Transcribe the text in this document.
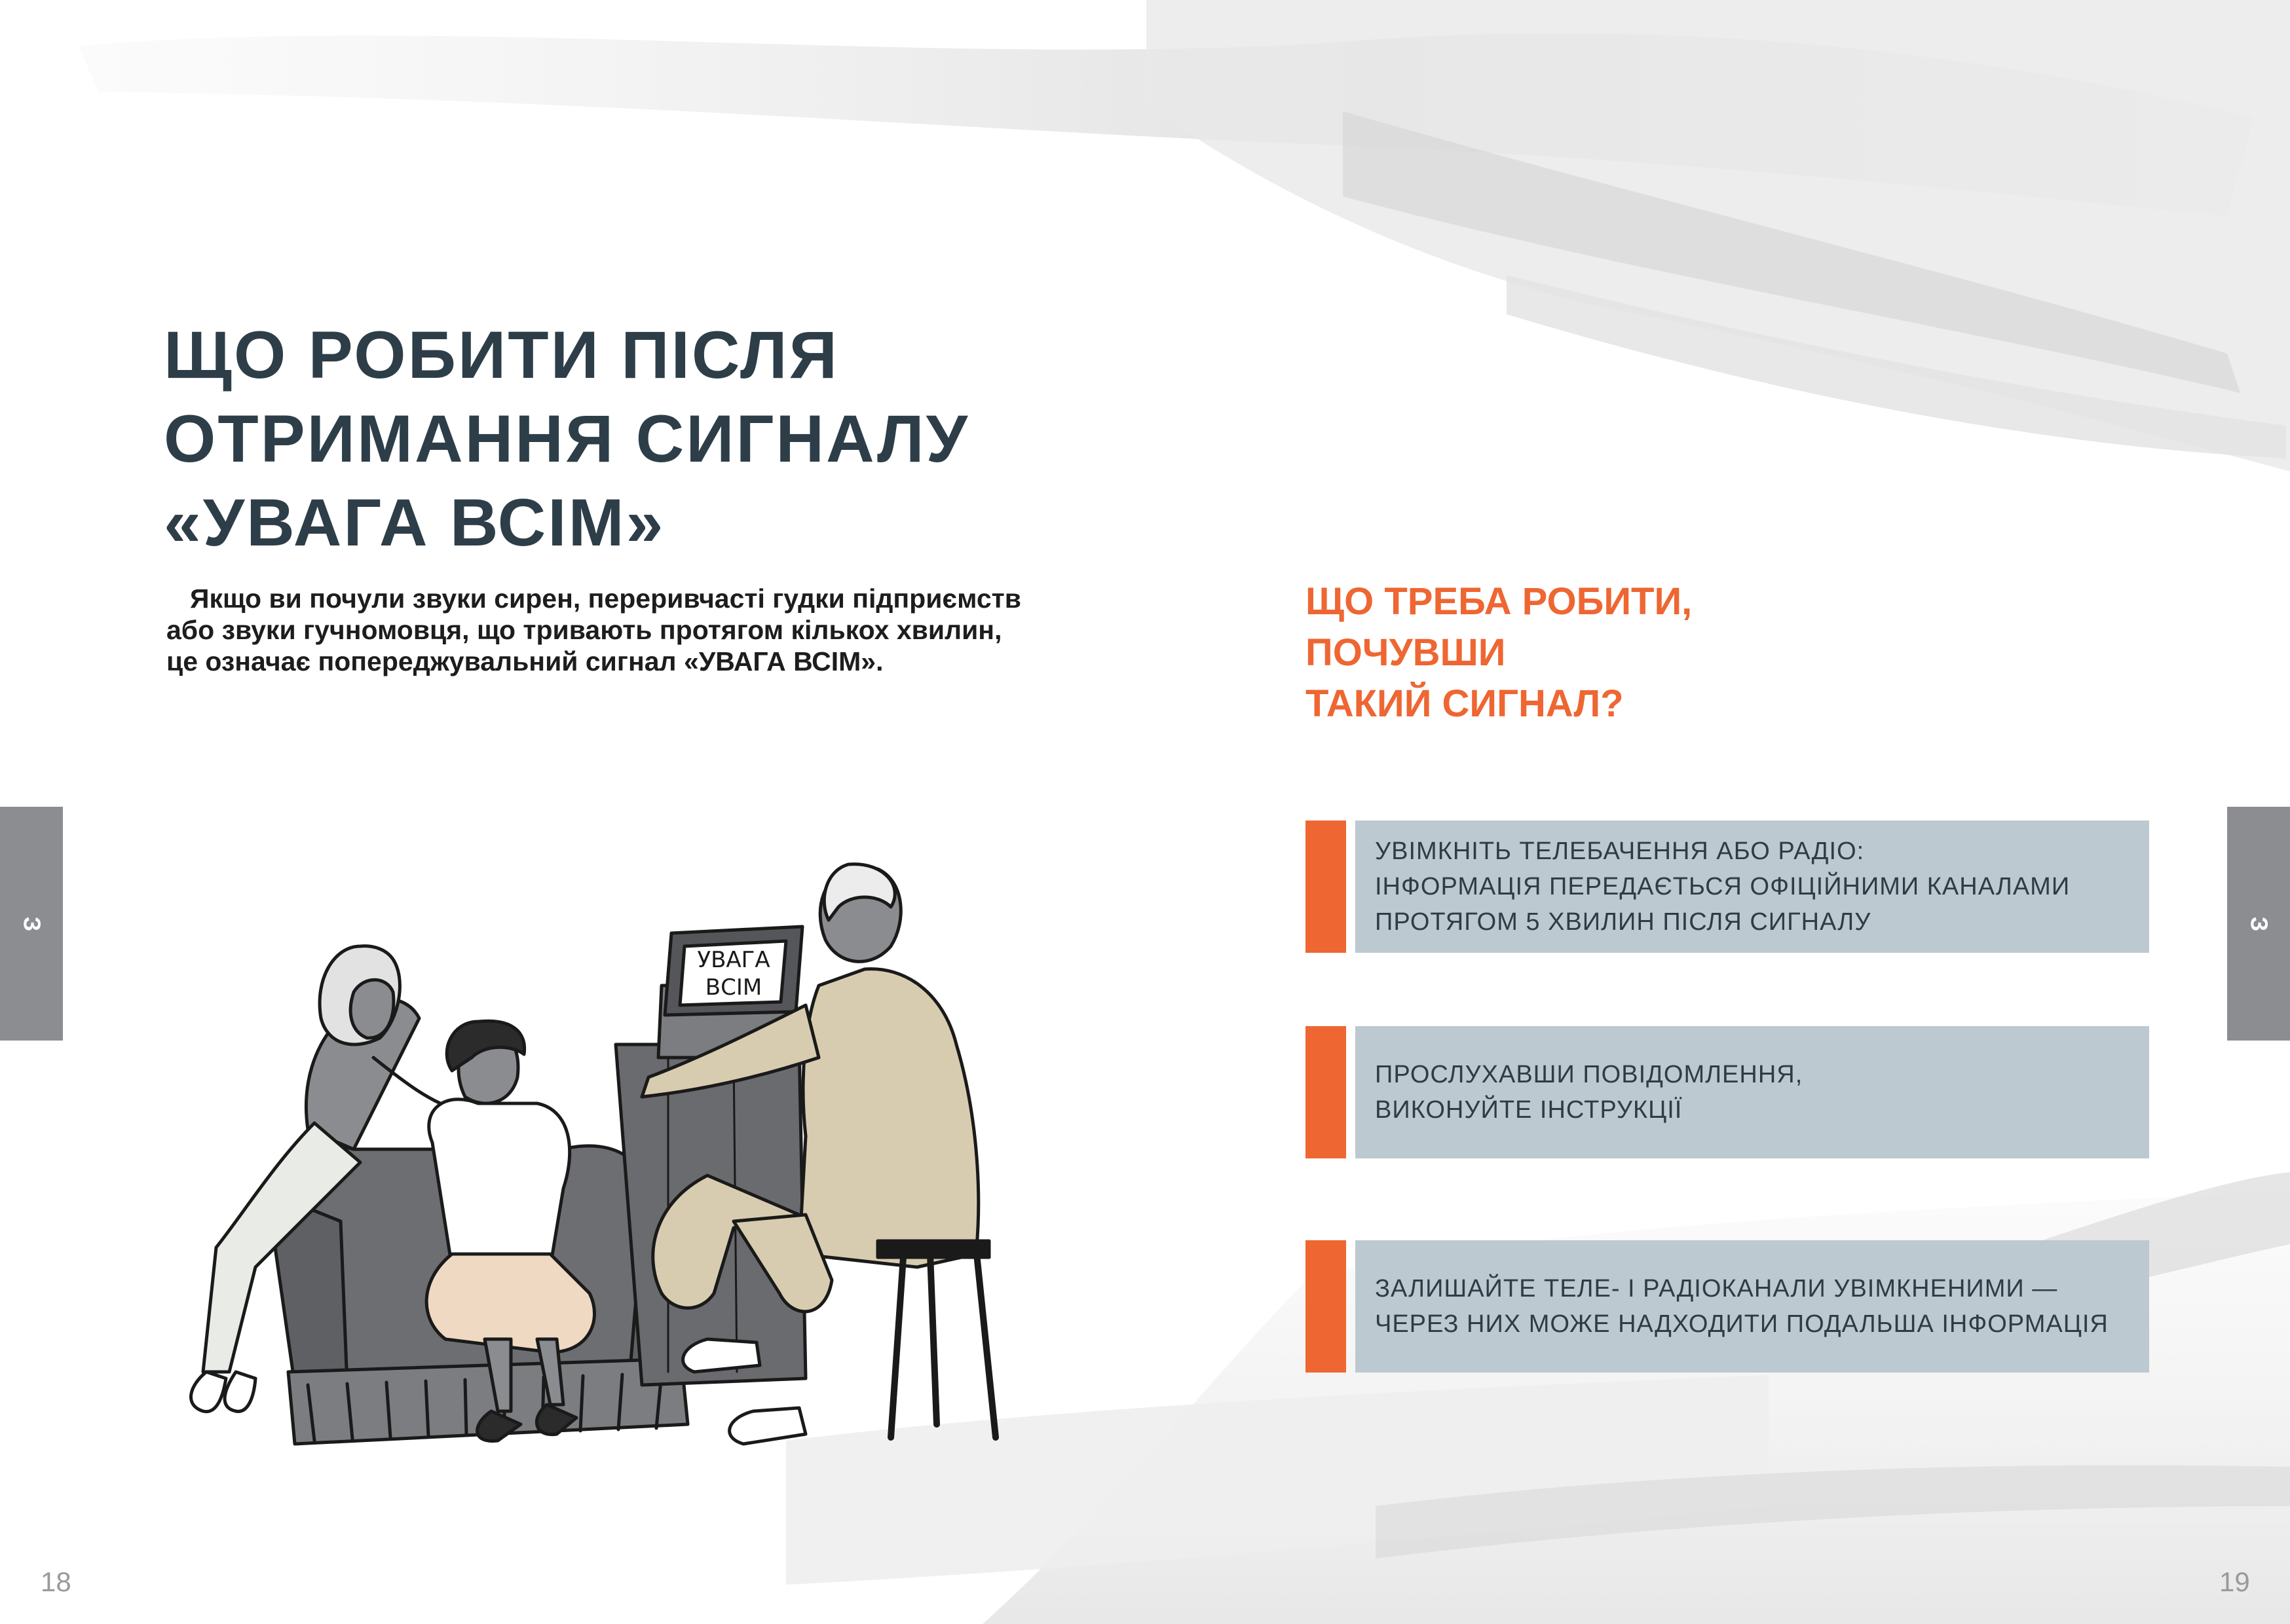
ЩО РОБИТИ ПІСЛЯ
ОТРИМАННЯ СИГНАЛУ
«УВАГА ВСІМ»

Якщо ви почули звуки сирен, переривчасті гудки підприємств
або звуки гучномовця, що тривають протягом кількох хвилин,
це означає попереджувальний сигнал «УВАГА ВСІМ».

УВАГА
ВСІМ
ЩО ТРЕБА РОБИТИ,
ПОЧУВШИ
ТАКИЙ СИГНАЛ?
УВІМКНІТЬ ТЕЛЕБАЧЕННЯ АБО РАДІО:
ІНФОРМАЦІЯ ПЕРЕДАЄТЬСЯ ОФІЦІЙНИМИ КАНАЛАМИ
ПРОТЯГОМ 5 ХВИЛИН ПІСЛЯ СИГНАЛУ
ПРОСЛУХАВШИ ПОВІДОМЛЕННЯ,
ВИКОНУЙТЕ ІНСТРУКЦІЇ
ЗАЛИШАЙТЕ ТЕЛЕ- І РАДІОКАНАЛИ УВІМКНЕНИМИ —
ЧЕРЕЗ НИХ МОЖЕ НАДХОДИТИ ПОДАЛЬША ІНФОРМАЦІЯ
З	З
18	19
